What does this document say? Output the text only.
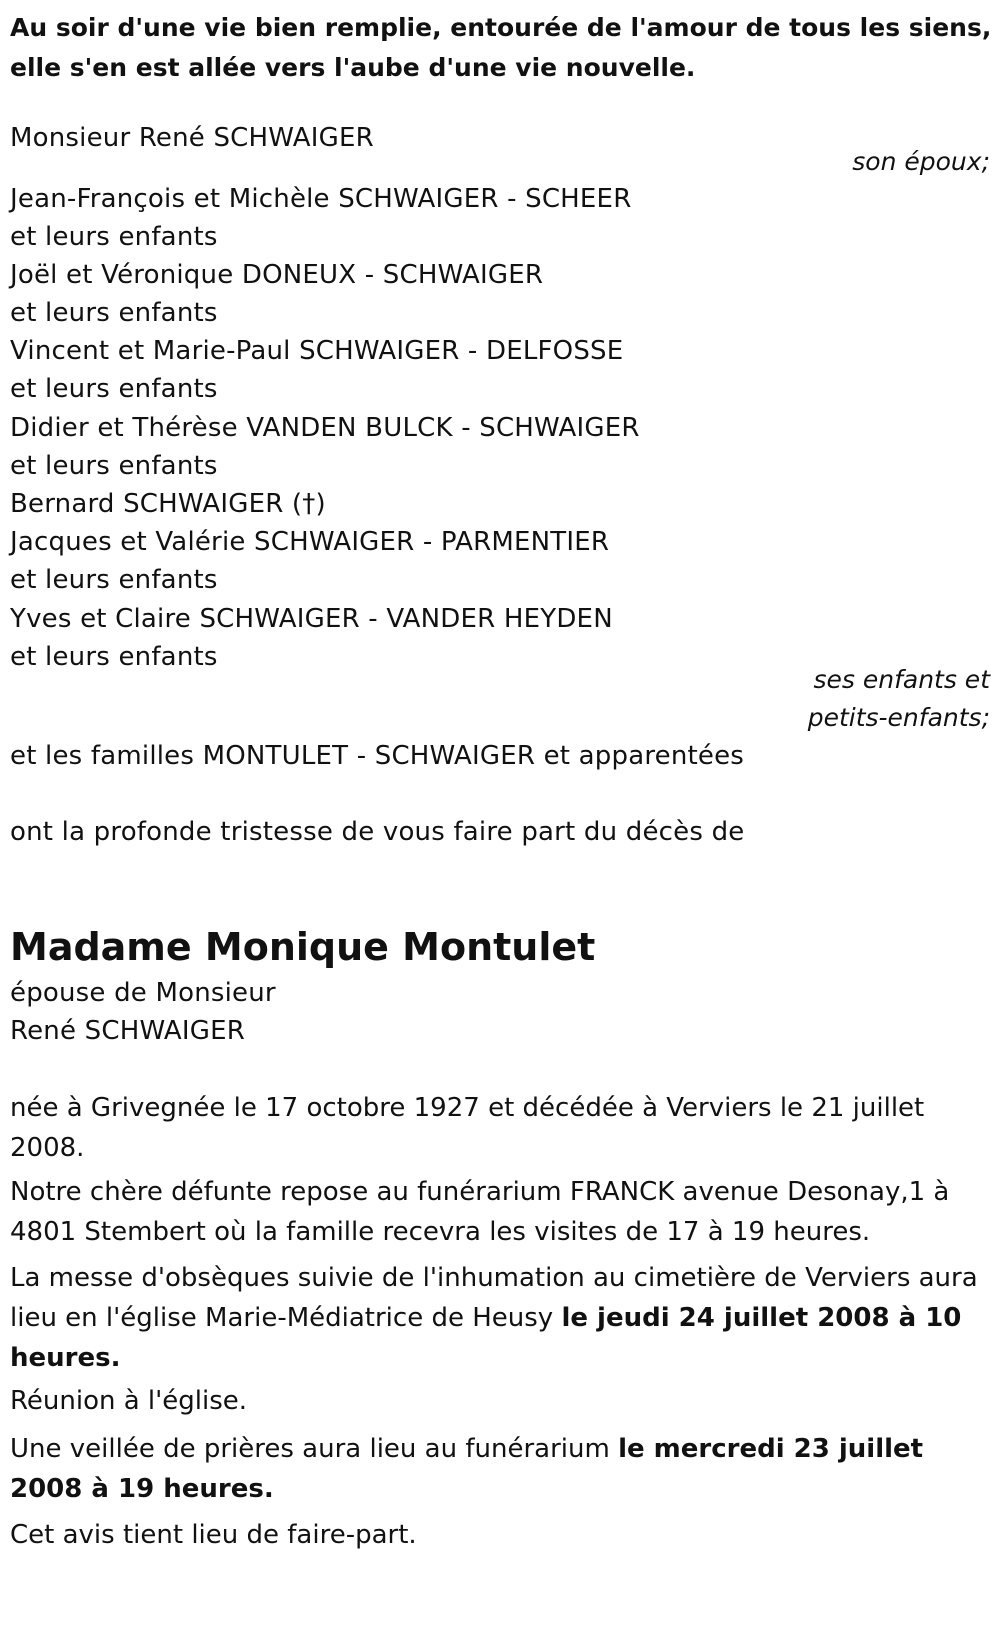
Au soir d'une vie bien remplie, entourée de l'amour de tous les siens,
elle s'en est allée vers l'aube d'une vie nouvelle.
Monsieur René SCHWAIGER
son époux;
Jean-François et Michèle SCHWAIGER - SCHEER
et leurs enfants
Joël et Véronique DONEUX - SCHWAIGER
et leurs enfants
Vincent et Marie-Paul SCHWAIGER - DELFOSSE
et leurs enfants
Didier et Thérèse VANDEN BULCK - SCHWAIGER
et leurs enfants
Bernard SCHWAIGER (†)
Jacques et Valérie SCHWAIGER - PARMENTIER
et leurs enfants
Yves et Claire SCHWAIGER - VANDER HEYDEN
et leurs enfants
ses enfants et
petits-enfants;
et les familles MONTULET - SCHWAIGER et apparentées
ont la profonde tristesse de vous faire part du décès de
Madame Monique Montulet
épouse de Monsieur
René SCHWAIGER
née à Grivegnée le 17 octobre 1927 et décédée à Verviers le 21 juillet 2008.
Notre chère défunte repose au funérarium FRANCK avenue Desonay,1 à 4801 Stembert où la famille recevra les visites de 17 à 19 heures.
La messe d'obsèques suivie de l'inhumation au cimetière de Verviers aura lieu en l'église Marie-Médiatrice de Heusy le jeudi 24 juillet 2008 à 10 heures.
Réunion à l'église.
Une veillée de prières aura lieu au funérarium le mercredi 23 juillet 2008 à 19 heures.
Cet avis tient lieu de faire-part.
